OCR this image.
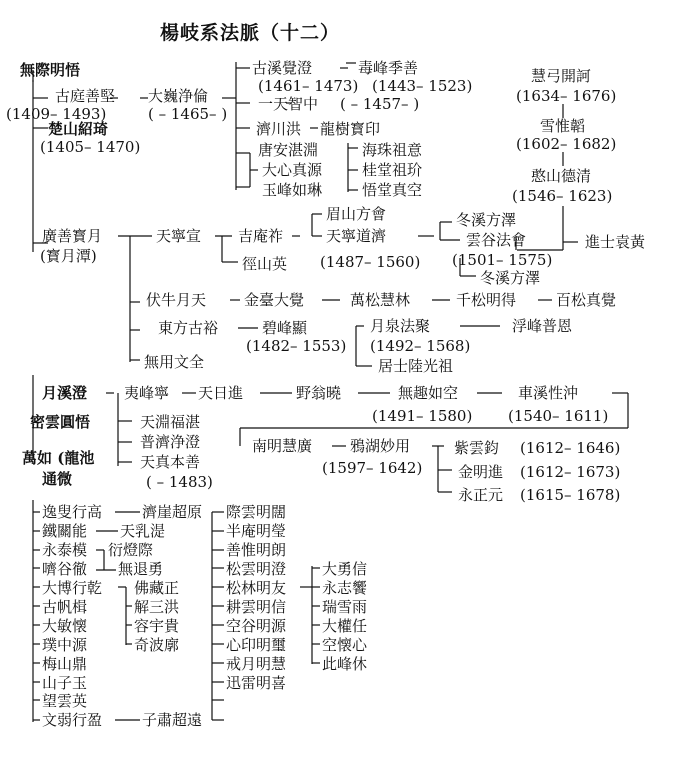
楊岐系法脈（十二）
無際明悟
古庭善堅 大巍浄倫
(1409– 1493)	( – 1465– )
楚山紹琦
(1405– 1470)
古溪覺澄	毒峰季善
(1461– 1473) (1443– 1523)
一天智中 ( – 1457– )
濟川洪 龍樹寳印
唐安湛淵	海珠祖意
大心真源	桂堂祖玠
玉峰如琳	悟堂真空
慧弓開訶
(1634– 1676)
雪惟韜
(1602– 1682)
憨山德清
(1546– 1623)
進士袁黃
廣善寳月
(寳月潭)
天寧宣 吉庵祚
眉山方會
天寧道濟
(1487– 1560)
徑山英
冬溪方澤
雲谷法會
(1501– 1575)
冬溪方澤
伏牛月天	金臺大覺	萬松慧林	千松明得	百松真覺
東方古裕	碧峰顯
(1482– 1553)
月泉法聚
(1492– 1568)
浮峰普恩
居士陸光祖
無用文全
月溪澄 夷峰寧 天日進	野翁曉	無趣如空
(1491– 1580)
車溪性沖
(1540– 1611)
密雲圓悟	天淵福湛
普濟浄澄
天真本善
( – 1483)
南明慧廣	鴉湖妙用
(1597– 1642)
紫雲鈞 (1612– 1646)
金明進 (1612– 1673)
永正元 (1615– 1678)
萬如 (龍池
通微
逸叟行高	濟崖超原
鐵關能 天乳湜
永泰模 衍燈際
嚌谷徹 無退勇
大博行乾 佛藏正
古帆楫	解三洪
大敏懐	容宇貴
璞中源	奇波廓
梅山鼎
山子玉
望雲英
文弱行盈	子肅超遠
際雲明闊
半庵明瑩
善惟明朗
松雲明澄
松林明友
耕雲明信
空谷明源
心印明璽
戒月明慧
迅雷明喜
大勇信
永志饗
瑞雪雨
大權任
空懐心
此峰休
